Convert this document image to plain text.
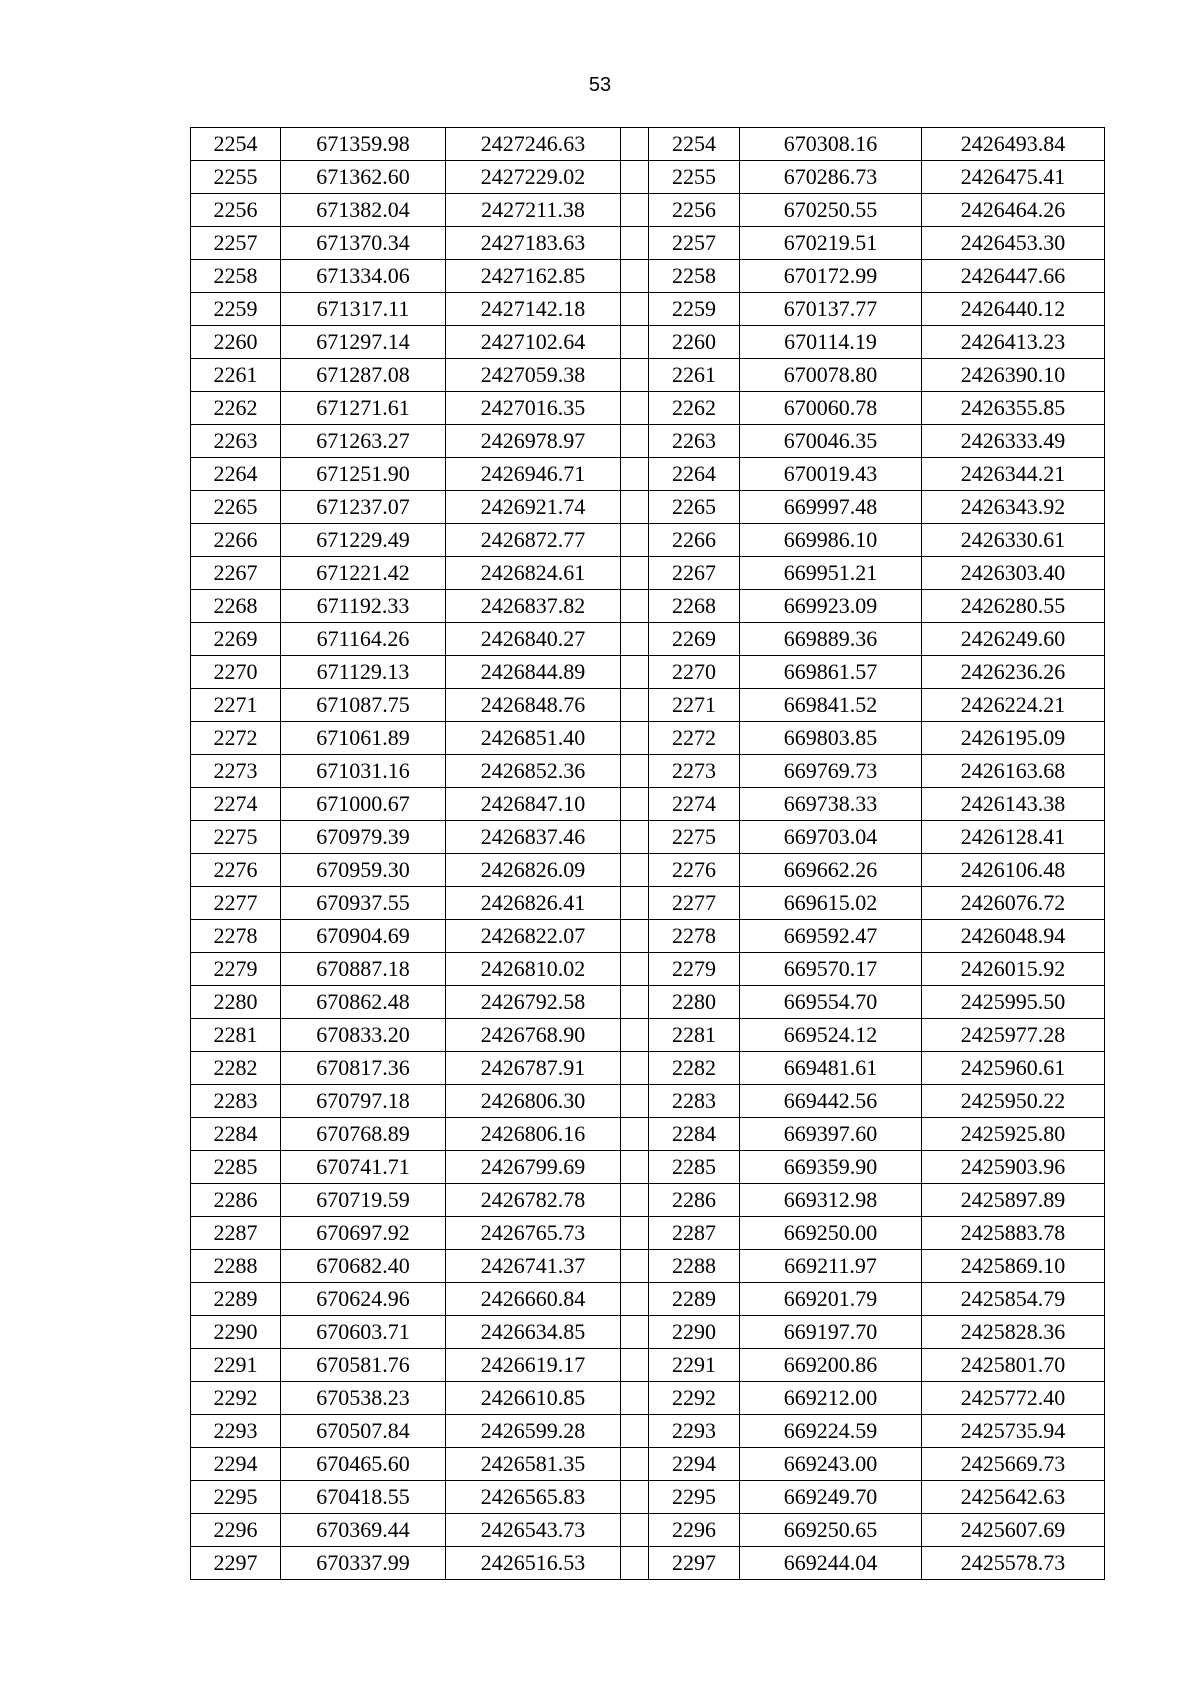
53
2254	671359.98	2427246.63		2254	670308.16	2426493.84
2255	671362.60	2427229.02		2255	670286.73	2426475.41
2256	671382.04	2427211.38		2256	670250.55	2426464.26
2257	671370.34	2427183.63		2257	670219.51	2426453.30
2258	671334.06	2427162.85		2258	670172.99	2426447.66
2259	671317.11	2427142.18		2259	670137.77	2426440.12
2260	671297.14	2427102.64		2260	670114.19	2426413.23
2261	671287.08	2427059.38		2261	670078.80	2426390.10
2262	671271.61	2427016.35		2262	670060.78	2426355.85
2263	671263.27	2426978.97		2263	670046.35	2426333.49
2264	671251.90	2426946.71		2264	670019.43	2426344.21
2265	671237.07	2426921.74		2265	669997.48	2426343.92
2266	671229.49	2426872.77		2266	669986.10	2426330.61
2267	671221.42	2426824.61		2267	669951.21	2426303.40
2268	671192.33	2426837.82		2268	669923.09	2426280.55
2269	671164.26	2426840.27		2269	669889.36	2426249.60
2270	671129.13	2426844.89		2270	669861.57	2426236.26
2271	671087.75	2426848.76		2271	669841.52	2426224.21
2272	671061.89	2426851.40		2272	669803.85	2426195.09
2273	671031.16	2426852.36		2273	669769.73	2426163.68
2274	671000.67	2426847.10		2274	669738.33	2426143.38
2275	670979.39	2426837.46		2275	669703.04	2426128.41
2276	670959.30	2426826.09		2276	669662.26	2426106.48
2277	670937.55	2426826.41		2277	669615.02	2426076.72
2278	670904.69	2426822.07		2278	669592.47	2426048.94
2279	670887.18	2426810.02		2279	669570.17	2426015.92
2280	670862.48	2426792.58		2280	669554.70	2425995.50
2281	670833.20	2426768.90		2281	669524.12	2425977.28
2282	670817.36	2426787.91		2282	669481.61	2425960.61
2283	670797.18	2426806.30		2283	669442.56	2425950.22
2284	670768.89	2426806.16		2284	669397.60	2425925.80
2285	670741.71	2426799.69		2285	669359.90	2425903.96
2286	670719.59	2426782.78		2286	669312.98	2425897.89
2287	670697.92	2426765.73		2287	669250.00	2425883.78
2288	670682.40	2426741.37		2288	669211.97	2425869.10
2289	670624.96	2426660.84		2289	669201.79	2425854.79
2290	670603.71	2426634.85		2290	669197.70	2425828.36
2291	670581.76	2426619.17		2291	669200.86	2425801.70
2292	670538.23	2426610.85		2292	669212.00	2425772.40
2293	670507.84	2426599.28		2293	669224.59	2425735.94
2294	670465.60	2426581.35		2294	669243.00	2425669.73
2295	670418.55	2426565.83		2295	669249.70	2425642.63
2296	670369.44	2426543.73		2296	669250.65	2425607.69
2297	670337.99	2426516.53		2297	669244.04	2425578.73
